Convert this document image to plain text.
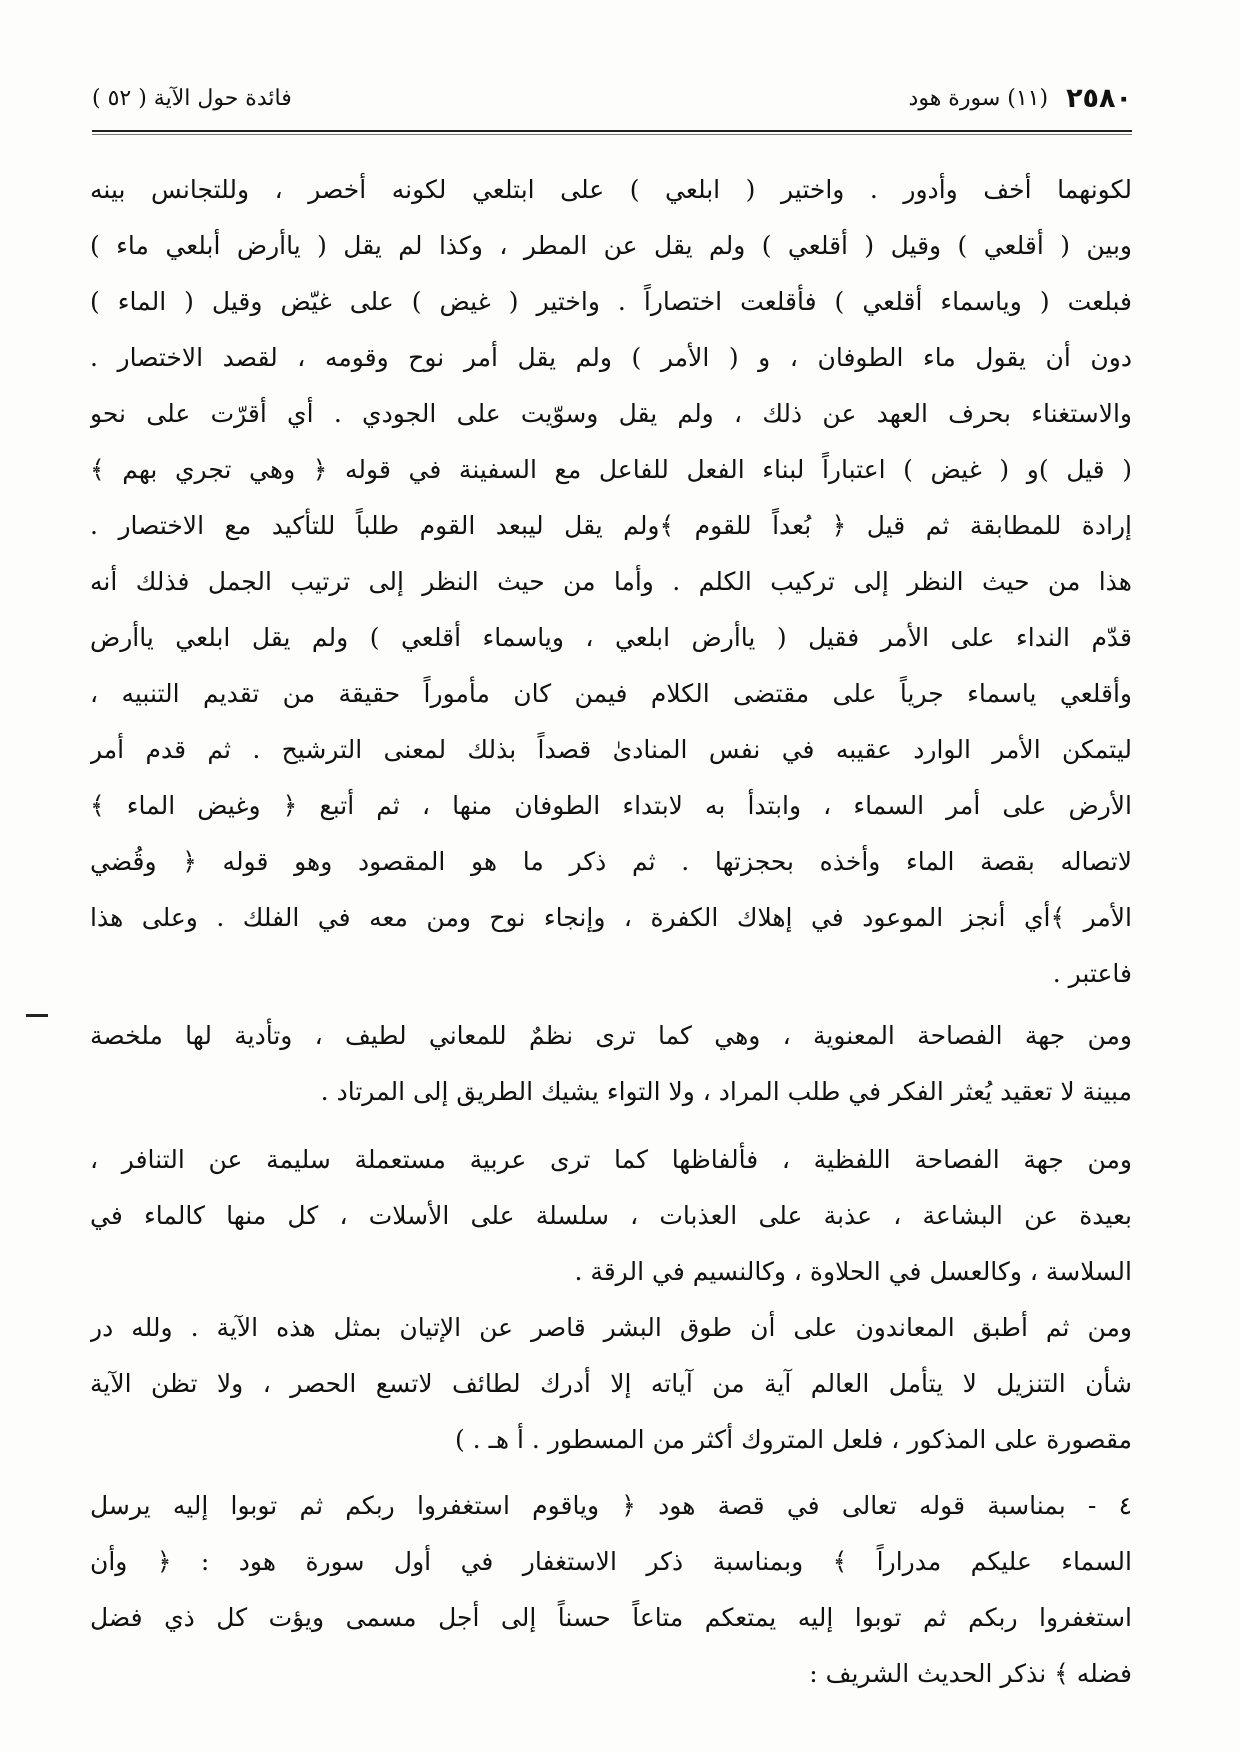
٢٥٨٠
(١١) سورة هود
فائدة حول الآية ( ٥٢ )
لكونهما أخف وأدور . واختير ( ابلعي ) على ابتلعي لكونه أخصر ، وللتجانس بينه
وبين ( أقلعي ) وقيل ( أقلعي ) ولم يقل عن المطر ، وكذا لم يقل ( ياأرض أبلعي ماء )
فبلعت ( وياسماء أقلعي ) فأقلعت اختصاراً . واختير ( غيض ) على غيّض وقيل ( الماء )
دون أن يقول ماء الطوفان ، و ( الأمر ) ولم يقل أمر نوح وقومه ، لقصد الاختصار .
والاستغناء بحرف العهد عن ذلك ، ولم يقل وسوّيت على الجودي . أي أقرّت على نحو
( قيل )و ( غيض ) اعتباراً لبناء الفعل للفاعل مع السفينة في قوله ﴿ وهي تجري بهم ﴾
إرادة للمطابقة ثم قيل ﴿ بُعداً للقوم ﴾ولم يقل ليبعد القوم طلباً للتأكيد مع الاختصار .
هذا من حيث النظر إلى تركيب الكلم . وأما من حيث النظر إلى ترتيب الجمل فذلك أنه
قدّم النداء على الأمر فقيل ( ياأرض ابلعي ، وياسماء أقلعي ) ولم يقل ابلعي ياأرض
وأقلعي ياسماء جرياً على مقتضى الكلام فيمن كان مأموراً حقيقة من تقديم التنبيه ،
ليتمكن الأمر الوارد عقيبه في نفس المنادىٰ قصداً بذلك لمعنى الترشيح . ثم قدم أمر
الأرض على أمر السماء ، وابتدأ به لابتداء الطوفان منها ، ثم أتبع ﴿ وغيض الماء ﴾
لاتصاله بقصة الماء وأخذه بحجزتها . ثم ذكر ما هو المقصود وهو قوله ﴿ وقُضي
الأمر ﴾أي أنجز الموعود في إهلاك الكفرة ، وإنجاء نوح ومن معه في الفلك . وعلى هذا
فاعتبر .
ومن جهة الفصاحة المعنوية ، وهي كما ترى نظمٌ للمعاني لطيف ، وتأدية لها ملخصة
مبينة لا تعقيد يُعثر الفكر في طلب المراد ، ولا التواء يشيك الطريق إلى المرتاد .
ومن جهة الفصاحة اللفظية ، فألفاظها كما ترى عربية مستعملة سليمة عن التنافر ،
بعيدة عن البشاعة ، عذبة على العذبات ، سلسلة على الأسلات ، كل منها كالماء في
السلاسة ، وكالعسل في الحلاوة ، وكالنسيم في الرقة .
ومن ثم أطبق المعاندون على أن طوق البشر قاصر عن الإتيان بمثل هذه الآية . ولله در
شأن التنزيل لا يتأمل العالم آية من آياته إلا أدرك لطائف لاتسع الحصر ، ولا تظن الآية
مقصورة على المذكور ، فلعل المتروك أكثر من المسطور . أ هـ . )
٤ - بمناسبة قوله تعالى في قصة هود ﴿ وياقوم استغفروا ربكم ثم توبوا إليه يرسل
السماء عليكم مدراراً ﴾ وبمناسبة ذكر الاستغفار في أول سورة هود : ﴿ وأن
استغفروا ربكم ثم توبوا إليه يمتعكم متاعاً حسناً إلى أجل مسمى ويؤت كل ذي فضل
فضله ﴾ نذكر الحديث الشريف :
